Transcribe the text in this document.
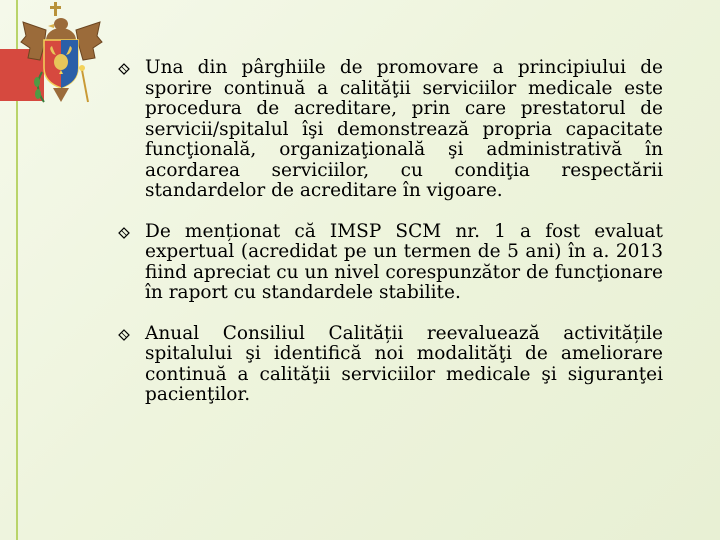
Una din pârghiile de promovare a principiului de sporire continuă a calităţii serviciilor medicale este procedura de acreditare, prin care prestatorul de servicii/spitalul îşi demonstrează propria capacitate funcţională, organizaţională şi administrativă în acordarea serviciilor, cu condiţia respectării standardelor de acreditare în vigoare.
De menționat că IMSP SCM nr. 1 a fost evaluat expertual (acredidat pe un termen de 5 ani) în a. 2013 fiind apreciat cu un nivel corespunzător de funcţionare în raport cu standardele stabilite.
Anual Consiliul Calității reevaluează activitățile spitalului şi identifică noi modalităţi de ameliorare continuă a calităţii serviciilor medicale şi siguranţei pacienţilor.
